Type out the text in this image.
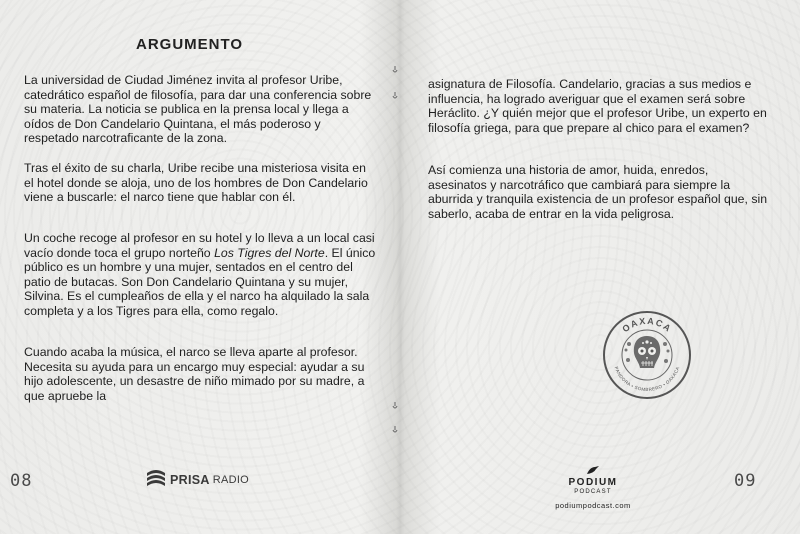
ARGUMENTO

La universidad de Ciudad Jiménez invita al profesor Uribe, catedrático español de filosofía, para dar una conferencia sobre su materia. La noticia se publica en la prensa local y llega a oídos de Don Candelario Quintana, el más poderoso y respetado narcotraficante de la zona.

Tras el éxito de su charla, Uribe recibe una misteriosa visita en el hotel donde se aloja, uno de los hombres de Don Candelario viene a buscarle: el narco tiene que hablar con él.

Un coche recoge al profesor en su hotel y lo lleva a un local casi vacío donde toca el grupo norteño Los Tigres del Norte. El único público es un hombre y una mujer, sentados en el centro del patio de butacas. Son Don Candelario Quintana y su mujer, Silvina. Es el cumpleaños de ella y el narco ha alquilado la sala completa y a los Tigres para ella, como regalo.

Cuando acaba la música, el narco se lleva aparte al profesor. Necesita su ayuda para un encargo muy especial: ayudar a su hijo adolescente, un desastre de niño mimado por su madre, a que apruebe la

08	PRISA RADIO

asignatura de Filosofía. Candelario, gracias a sus medios e influencia, ha logrado averiguar que el examen será sobre Heráclito. ¿Y quién mejor que el profesor Uribe, un experto en filosofía griega, para que prepare al chico para el examen?

Así comienza una historia de amor, huida, enredos, asesinatos y narcotráfico que cambiará para siempre la aburrida y tranquila existencia de un profesor español que, sin saberlo, acaba de entrar en la vida peligrosa.

OAXACA
PANDORA • SOMBRERO • OAXACA
PODIUM
PODCAST
podiumpodcast.com
09
